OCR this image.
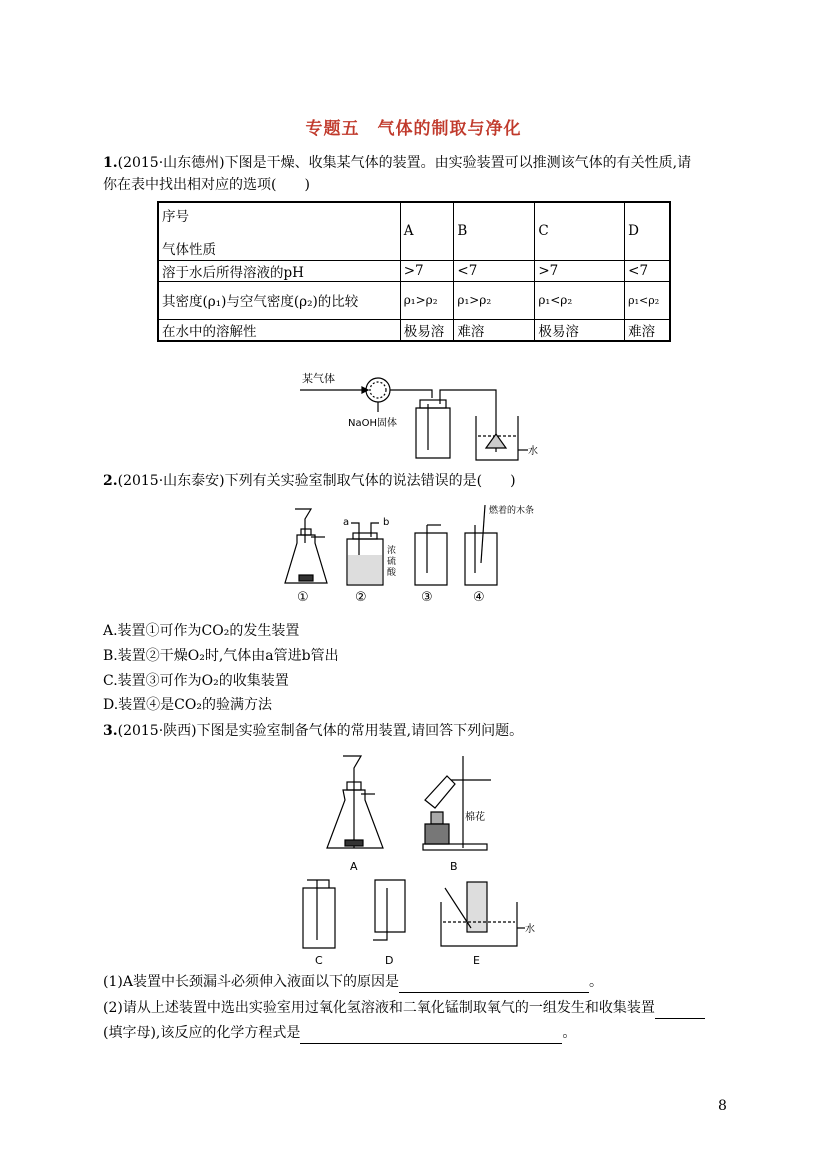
专题五　气体的制取与净化
1.(2015·山东德州)下图是干燥、收集某气体的装置。由实验装置可以推测该气体的有关性质,请
你在表中找出相对应的选项(　　)
序号
气体性质	A	B	C	D
溶于水后所得溶液的pH	>7	<7	>7	<7
其密度(ρ₁)与空气密度(ρ₂)的比较	ρ₁>ρ₂	ρ₁>ρ₂	ρ₁<ρ₂	ρ₁<ρ₂
在水中的溶解性	极易溶	难溶	极易溶	难溶
某气体
NaOH固体
水
2.(2015·山东泰安)下列有关实验室制取气体的说法错误的是(　　)
①
a	b
浓
硫
酸
②	③
燃着的木条
④
A.装置①可作为CO₂的发生装置
B.装置②干燥O₂时,气体由a管进b管出
C.装置③可作为O₂的收集装置
D.装置④是CO₂的验满方法
3.(2015·陕西)下图是实验室制备气体的常用装置,请回答下列问题。
A
棉花
B
C	D
水
E
(1)A装置中长颈漏斗必须伸入液面以下的原因是	。
(2)请从上述装置中选出实验室用过氧化氢溶液和二氧化锰制取氧气的一组发生和收集装置
(填字母),该反应的化学方程式是	。
8
